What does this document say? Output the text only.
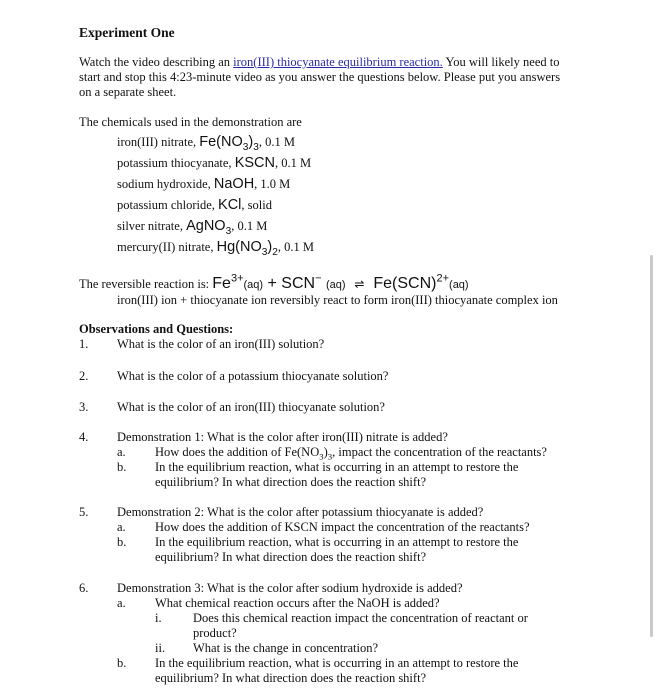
Experiment One
Watch the video describing an iron(III) thiocyanate equilibrium reaction. You will likely need to
start and stop this 4:23-minute video as you answer the questions below. Please put you answers
on a separate sheet.
The chemicals used in the demonstration are
iron(III) nitrate, $Fe(NO_3)_3$, 0.1 M
potassium thiocyanate, KSCN, 0.1 M
sodium hydroxide, NaOH, 1.0 M
potassium chloride, KCl, solid
silver nitrate, AgNO$_3$, 0.1 M
mercury(II) nitrate, $Hg(NO_3)_2$, 0.1 M
The reversible reaction is: $Fe^{3+}(aq) + SCN^-$ (aq) ⇌  Fe(SCN)$^{2+}$(aq)
iron(III) ion + thiocyanate ion reversibly react to form iron(III) thiocyanate complex ion
Observations and Questions:
1. What is the color of an iron(III) solution?
2. What is the color of a potassium thiocyanate solution?
3. What is the color of an iron(III) thiocyanate solution?
4. Demonstration 1: What is the color after iron(III) nitrate is added?
a. How does the addition of $Fe(NO_3)_3$, impact the concentration of the reactants?
b. In the equilibrium reaction, what is occurring in an attempt to restore the
equilibrium? In what direction does the reaction shift?
5. Demonstration 2: What is the color after potassium thiocyanate is added?
a. How does the addition of KSCN impact the concentration of the reactants?
b. In the equilibrium reaction, what is occurring in an attempt to restore the
equilibrium? In what direction does the reaction shift?
6. Demonstration 3: What is the color after sodium hydroxide is added?
a. What chemical reaction occurs after the NaOH is added?
i.	Does this chemical reaction impact the concentration of reactant or
product?
ii. What is the change in concentration?
b. In the equilibrium reaction, what is occurring in an attempt to restore the
equilibrium? In what direction does the reaction shift?
